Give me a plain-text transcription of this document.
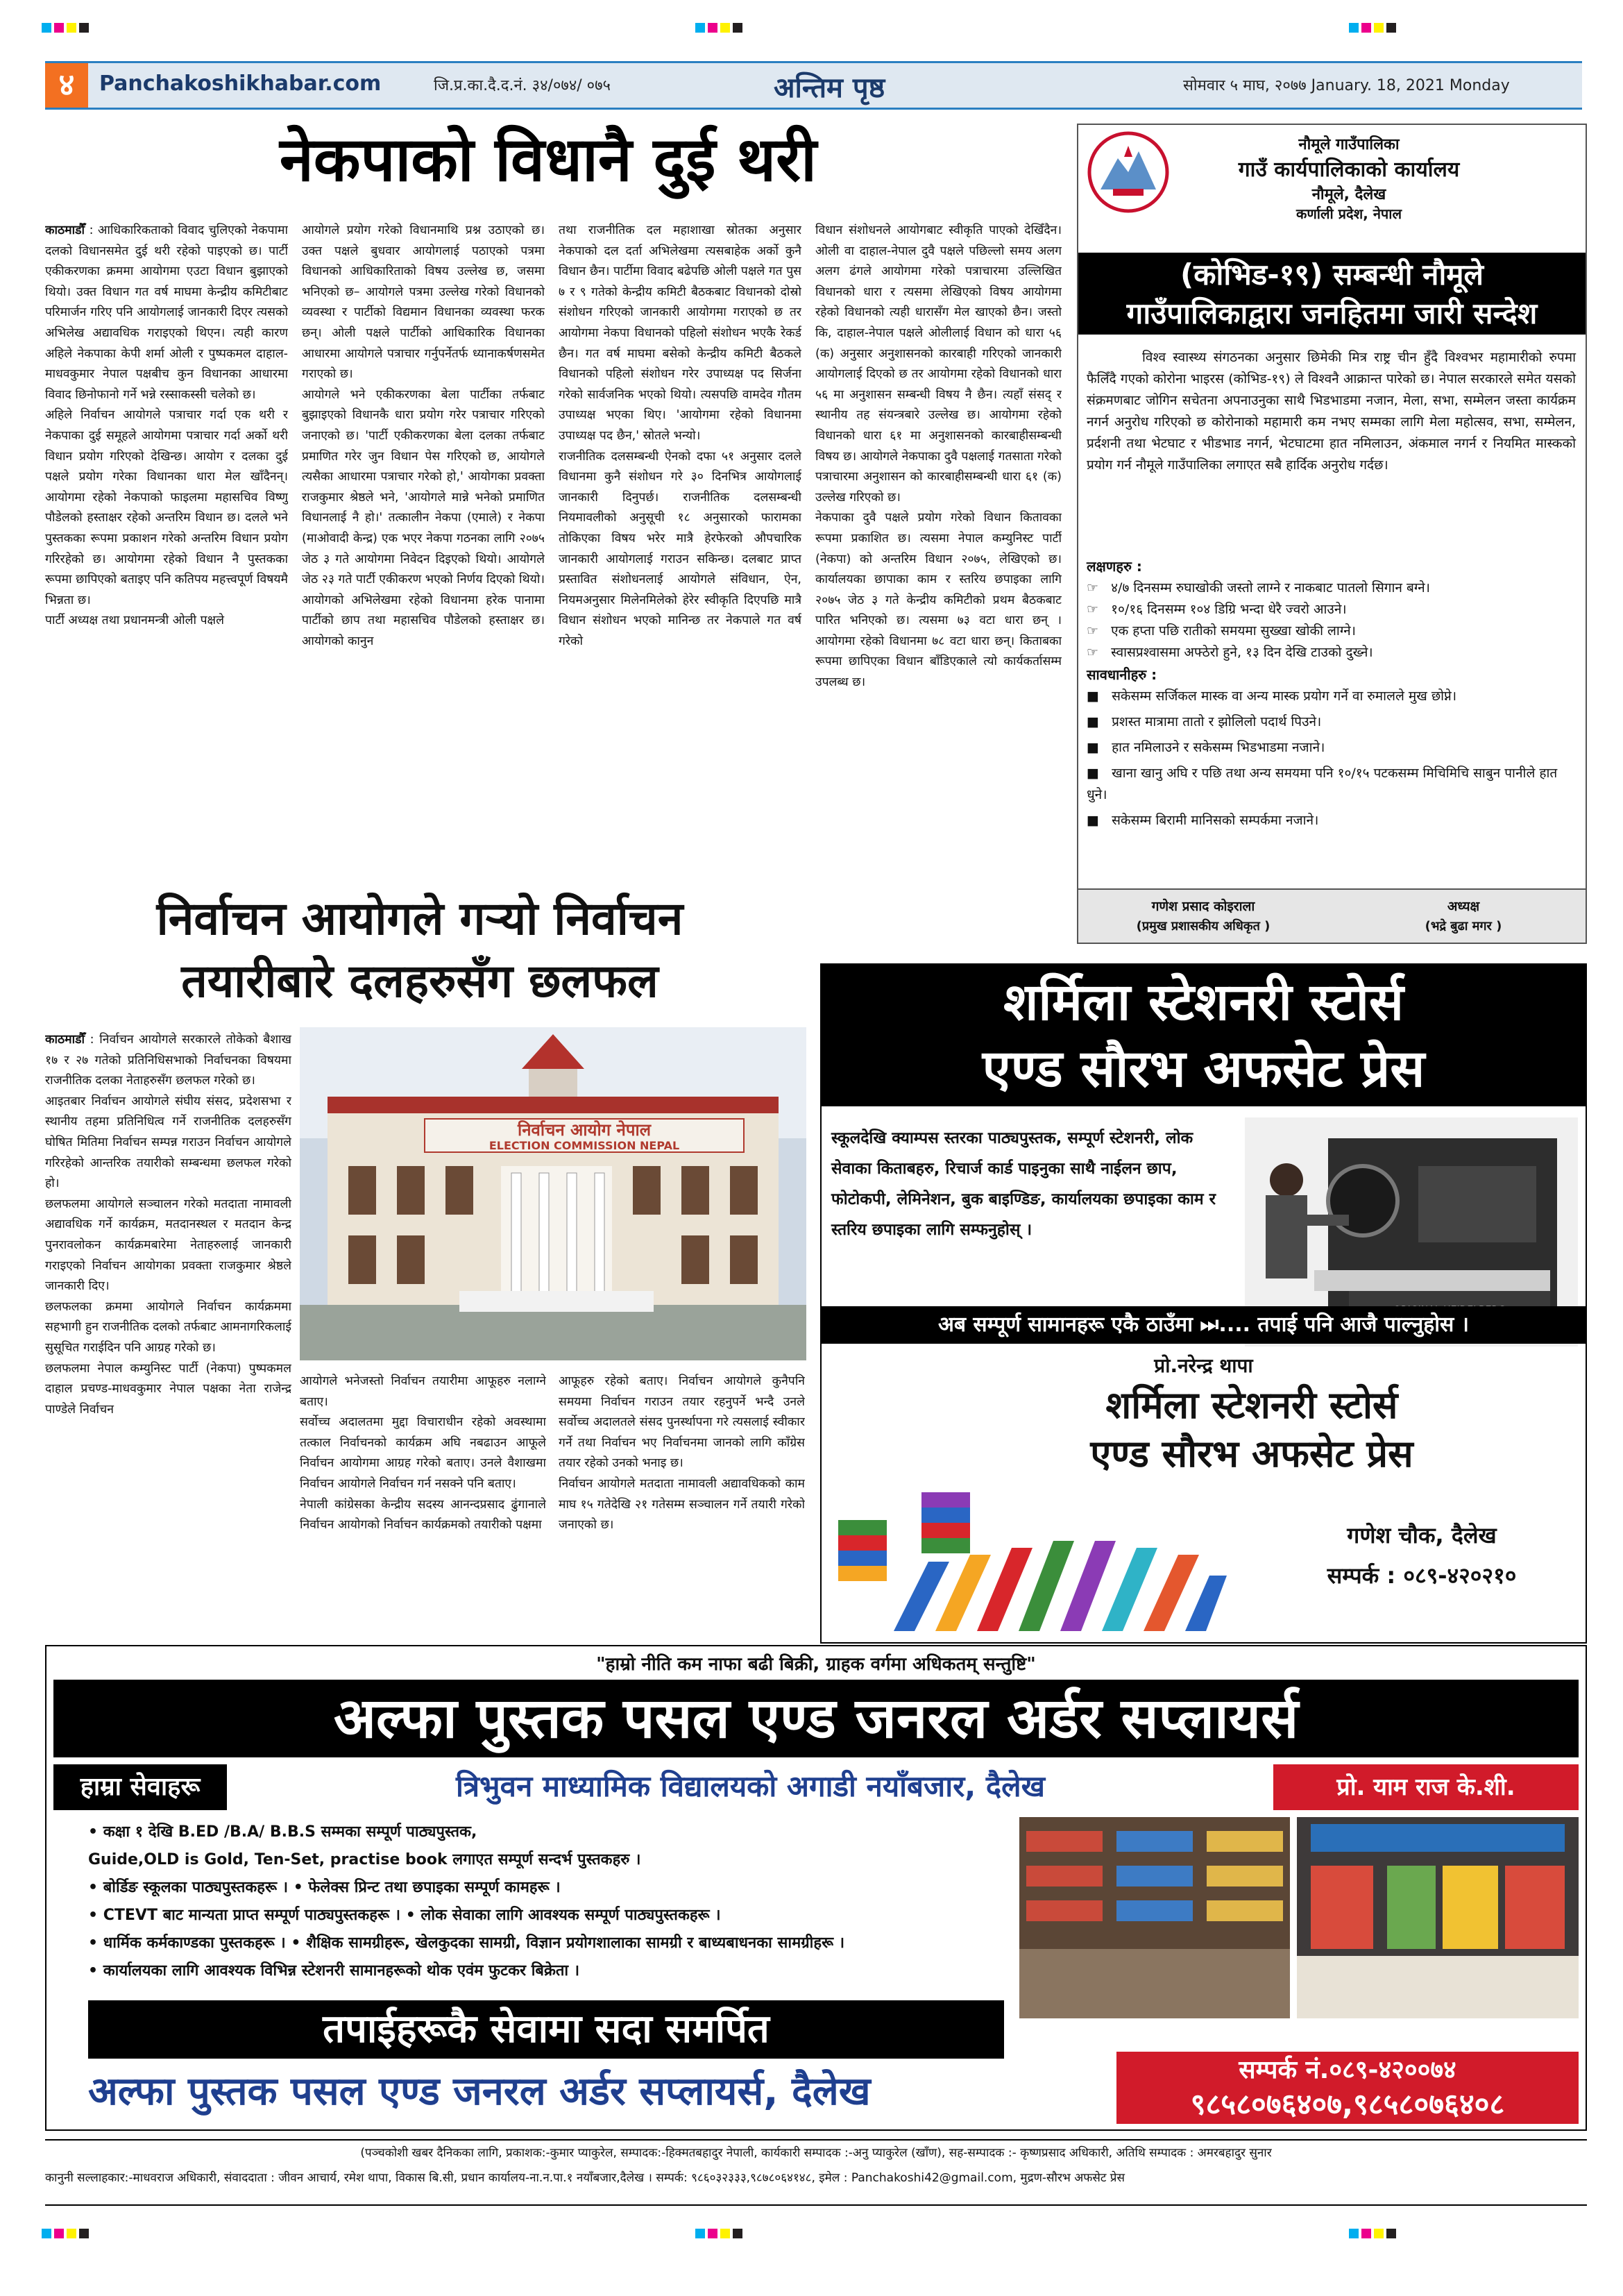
४	Panchakoshikhabar.com	जि.प्र.का.दै.द.नं. ३४/०७४/ ०७५	अन्तिम पृष्ठ	सोमवार ५ माघ, २०७७ January. 18, 2021 Monday
नेकपाको विधानै दुई थरी

काठमाडौँ : आधिकारिकताको विवाद चुलिएको नेकपामा दलको विधानसमेत दुई थरी रहेको पाइएको छ। पार्टी एकीकरणका क्रममा आयोगमा एउटा विधान बुझाएको थियो। उक्त विधान गत वर्ष माघमा केन्द्रीय कमिटीबाट परिमार्जन गरिए पनि आयोगलाई जानकारी दिएर त्यसको अभिलेख अद्यावधिक गराइएको थिएन। त्यही कारण अहिले नेकपाका केपी शर्मा ओली र पुष्पकमल दाहाल-माधवकुमार नेपाल पक्षबीच कुन विधानका आधारमा विवाद छिनोफानो गर्ने भन्ने रस्साकस्सी चलेको छ।
अहिले निर्वाचन आयोगले पत्राचार गर्दा एक थरी र नेकपाका दुई समूहले आयोगमा पत्राचार गर्दा अर्को थरी विधान प्रयोग गरिएको देखिन्छ। आयोग र दलका दुई पक्षले प्रयोग गरेका विधानका धारा मेल खाँदैनन्। आयोगमा रहेको नेकपाको फाइलमा महासचिव विष्णु पौडेलको हस्ताक्षर रहेको अन्तरिम विधान छ। दलले भने पुस्तकका रूपमा प्रकाशन गरेको अन्तरिम विधान प्रयोग गरिरहेको छ। आयोगमा रहेको विधान नै पुस्तकका रूपमा छापिएको बताइए पनि कतिपय महत्त्वपूर्ण विषयमै भिन्नता छ।
पार्टी अध्यक्ष तथा प्रधानमन्त्री ओली पक्षले

आयोगले प्रयोग गरेको विधानमाथि प्रश्न उठाएको छ। उक्त पक्षले बुधवार आयोगलाई पठाएको पत्रमा विधानको आधिकारिताको विषय उल्लेख छ, जसमा भनिएको छ– आयोगले पत्रमा उल्लेख गरेको विधानको व्यवस्था र पार्टीको विद्यमान विधानका व्यवस्था फरक छन्। ओली पक्षले पार्टीको आधिकारिक विधानका आधारमा आयोगले पत्राचार गर्नुपर्नेतर्फ ध्यानाकर्षणसमेत गराएको छ।
आयोगले भने एकीकरणका बेला पार्टीका तर्फबाट बुझाइएको विधानकै धारा प्रयोग गरेर पत्राचार गरिएको जनाएको छ। 'पार्टी एकीकरणका बेला दलका तर्फबाट प्रमाणित गरेर जुन विधान पेस गरिएको छ, आयोगले त्यसैका आधारमा पत्राचार गरेको हो,' आयोगका प्रवक्ता राजकुमार श्रेष्ठले भने, 'आयोगले मान्ने भनेको प्रमाणित विधानलाई नै हो।' तत्कालीन नेकपा (एमाले) र नेकपा (माओवादी केन्द्र) एक भएर नेकपा गठनका लागि २०७५ जेठ ३ गते आयोगमा निवेदन दिइएको थियो। आयोगले जेठ २३ गते पार्टी एकीकरण भएको निर्णय दिएको थियो। आयोगको अभिलेखमा रहेको विधानमा हरेक पानामा पार्टीको छाप तथा महासचिव पौडेलको हस्ताक्षर छ। आयोगको कानुन

तथा राजनीतिक दल महाशाखा स्रोतका अनुसार नेकपाको दल दर्ता अभिलेखमा त्यसबाहेक अर्को कुनै विधान छैन। पार्टीमा विवाद बढेपछि ओली पक्षले गत पुस ७ र ९ गतेको केन्द्रीय कमिटी बैठकबाट विधानको दोस्रो संशोधन गरिएको जानकारी आयोगमा गराएको छ तर आयोगमा नेकपा विधानको पहिलो संशोधन भएकै रेकर्ड छैन। गत वर्ष माघमा बसेको केन्द्रीय कमिटी बैठकले विधानको पहिलो संशोधन गरेर उपाध्यक्ष पद सिर्जना गरेको सार्वजनिक भएको थियो। त्यसपछि वामदेव गौतम उपाध्यक्ष भएका थिए। 'आयोगमा रहेको विधानमा उपाध्यक्ष पद छैन,' स्रोतले भन्यो।
राजनीतिक दलसम्बन्धी ऐनको दफा ५१ अनुसार दलले विधानमा कुनै संशोधन गरे ३० दिनभित्र आयोगलाई जानकारी दिनुपर्छ। राजनीतिक दलसम्बन्धी नियमावलीको अनुसूची १८ अनुसारको फारामका तोकिएका विषय भरेर मात्रै हेरफेरको औपचारिक जानकारी आयोगलाई गराउन सकिन्छ। दलबाट प्राप्त प्रस्तावित संशोधनलाई आयोगले संविधान, ऐन, नियमअनुसार मिलेनमिलेको हेरेर स्वीकृति दिएपछि मात्रै विधान संशोधन भएको मानिन्छ तर नेकपाले गत वर्ष गरेको

विधान संशोधनले आयोगबाट स्वीकृति पाएको देखिँदैन। ओली वा दाहाल-नेपाल दुवै पक्षले पछिल्लो समय अलग अलग ढंगले आयोगमा गरेको पत्राचारमा उल्लिखित विधानको धारा र त्यसमा लेखिएको विषय आयोगमा रहेको विधानको त्यही धारासँग मेल खाएको छैन। जस्तो कि, दाहाल-नेपाल पक्षले ओलीलाई विधान को धारा ५६ (क) अनुसार अनुशासनको कारबाही गरिएको जानकारी आयोगलाई दिएको छ तर आयोगमा रहेको विधानको धारा ५६ मा अनुशासन सम्बन्धी विषय नै छैन। त्यहाँ संसद् र स्थानीय तह संयन्त्रबारे उल्लेख छ। आयोगमा रहेको विधानको धारा ६१ मा अनुशासनको कारबाहीसम्बन्धी विषय छ। आयोगले नेकपाका दुवै पक्षलाई गतसाता गरेको पत्राचारमा अनुशासन को कारबाहीसम्बन्धी धारा ६१ (क) उल्लेख गरिएको छ।
नेकपाका दुवै पक्षले प्रयोग गरेको विधान कितावका रूपमा प्रकाशित छ। त्यसमा नेपाल कम्युनिस्ट पार्टी (नेकपा) को अन्तरिम विधान २०७५, लेखिएको छ। कार्यालयका छापाका काम र स्तरिय छपाइका लागि २०७५ जेठ ३ गते केन्द्रीय कमिटीको प्रथम बैठकबाट पारित भनिएको छ। त्यसमा ७३ वटा धारा छन् । आयोगमा रहेको विधानमा ७८ वटा धारा छन्। किताबका रूपमा छापिएका विधान बाँडिएकाले त्यो कार्यकर्तासम्म उपलब्ध छ।

नौमूले गाउँपालिका
गाउँ कार्यपालिकाको कार्यालय
नौमूले, दैलेख
कर्णाली प्रदेश, नेपाल
(कोभिड-१९) सम्बन्धी नौमूले
गाउँपालिकाद्वारा जनहितमा जारी सन्देश
विश्व स्वास्थ्य संगठनका अनुसार छिमेकी मित्र राष्ट्र चीन हुँदै विश्वभर महामारीको रुपमा फैलिँदै गएको कोरोना भाइरस (कोभिड-१९) ले विश्वनै आक्रान्त पारेको छ। नेपाल सरकारले समेत यसको संक्रमणबाट जोगिन सचेतना अपनाउनुका साथै भिडभाडमा नजान, मेला, सभा, सम्मेलन जस्ता कार्यक्रम नगर्न अनुरोध गरिएको छ कोरोनाको महामारी कम नभए सम्मका लागि मेला महोत्सव, सभा, सम्मेलन, प्रर्दशनी तथा भेटघाट र भीडभाड नगर्न, भेटघाटमा हात नमिलाउन, अंकमाल नगर्न र नियमित मास्कको प्रयोग गर्न नौमूले गाउँपालिका लगाएत सबै हार्दिक अनुरोध गर्दछ।
लक्षणहरु :
☞ ४/७ दिनसम्म रुघाखोकी जस्तो लाग्ने र नाकबाट पातलो सिगान बग्ने।
☞ १०/१६ दिनसम्म १०४ डिग्रि भन्दा धेरै ज्वरो आउने।
☞ एक हप्ता पछि रातीको समयमा सुख्खा खोकी लाग्ने।
☞ स्वासप्रश्वासमा अफ्ठेरो हुने, १३ दिन देखि टाउको दुख्ने।
सावधानीहरु :
■ सकेसम्म सर्जिकल मास्क वा अन्य मास्क प्रयोग गर्ने वा रुमालले मुख छोप्ने।
■ प्रशस्त मात्रामा तातो र झोलिलो पदार्थ पिउने।
■ हात नमिलाउने र सकेसम्म भिडभाडमा नजाने।
■ खाना खानु अघि र पछि तथा अन्य समयमा पनि १०/१५ पटकसम्म मिचिमिचि साबुन पानीले हात धुने।
■ सकेसम्म बिरामी मानिसको सम्पर्कमा नजाने।
गणेश प्रसाद कोइराला
(प्रमुख प्रशासकीय अधिकृत )
अध्यक्ष
(भद्रे बुढा मगर )
निर्वाचन आयोगले गऱ्यो निर्वाचन
तयारीबारे दलहरुसँग छलफल

काठमाडौँ : निर्वाचन आयोगले सरकारले तोकेको बैशाख १७ र २७ गतेको प्रतिनिधिसभाको निर्वाचनका विषयमा राजनीतिक दलका नेताहरुसँग छलफल गरेको छ।
आइतबार निर्वाचन आयोगले संघीय संसद, प्रदेशसभा र स्थानीय तहमा प्रतिनिधित्व गर्ने राजनीतिक दलहरुसँग घोषित मितिमा निर्वाचन सम्पन्न गराउन निर्वाचन आयोगले गरिरहेको आन्तरिक तयारीको सम्बन्धमा छलफल गरेको हो।
छलफलमा आयोगले सञ्चालन गरेको मतदाता नामावली अद्यावधिक गर्ने कार्यक्रम, मतदानस्थल र मतदान केन्द्र पुनरावलोकन कार्यक्रमबारेमा नेताहरुलाई जानकारी गराइएको निर्वाचन आयोगका प्रवक्ता राजकुमार श्रेष्ठले जानकारी दिए।
छलफलका क्रममा आयोगले निर्वाचन कार्यक्रममा सहभागी हुन राजनीतिक दलको तर्फबाट आमनागरिकलाई सुसूचित गराईदिन पनि आग्रह गरेको छ।
छलफलमा नेपाल कम्युनिस्ट पार्टी (नेकपा) पुष्पकमल दाहाल प्रचण्ड-माधवकुमार नेपाल पक्षका नेता राजेन्द्र पाण्डेले निर्वाचन

निर्वाचन आयोग नेपाल
ELECTION COMMISSION NEPAL

आयोगले भनेजस्तो निर्वाचन तयारीमा आफूहरु नलाग्ने बताए।
सर्वोच्च अदालतमा मुद्दा विचाराधीन रहेको अवस्थामा तत्काल निर्वाचनको कार्यक्रम अघि नबढाउन आफूले निर्वाचन आयोगमा आग्रह गरेको बताए। उनले वैशाखमा निर्वाचन आयोगले निर्वाचन गर्न नसक्ने पनि बताए।
नेपाली कांग्रेसका केन्द्रीय सदस्य आनन्दप्रसाद ढुंगानाले निर्वाचन आयोगको निर्वाचन कार्यक्रमको तयारीको पक्षमा

आफूहरु रहेको बताए। निर्वाचन आयोगले कुनैपनि समयमा निर्वाचन गराउन तयार रहनुपर्ने भन्दै उनले सर्वोच्च अदालतले संसद पुनर्स्थापना गरे त्यसलाई स्वीकार गर्ने तथा निर्वाचन भए निर्वाचनमा जानको लागि काँग्रेस तयार रहेको उनको भनाइ छ।
निर्वाचन आयोगले मतदाता नामावली अद्यावधिकको काम माघ १५ गतेदेखि २१ गतेसम्म सञ्चालन गर्ने तयारी गरेको जनाएको छ।

शर्मिला स्टेशनरी स्टोर्स
एण्ड सौरभ अफसेट प्रेस
स्कूलदेखि क्याम्पस स्तरका पाठ्यपुस्तक, सम्पूर्ण स्टेशनरी, लोक सेवाका किताबहरु, रिचार्ज कार्ड पाइनुका साथै नाईलन छाप, फोटोकपी, लेमिनेशन, बुक बाइण्डिङ, कार्यालयका छपाइका काम र स्तरिय छपाइका लागि सम्फनुहोस् ।
अब सम्पूर्ण सामानहरू एकै ठाउँमा ⏭.... तपाई पनि आजै पाल्नुहोस ।
प्रो.नरेन्द्र थापा
शर्मिला स्टेशनरी स्टोर्स
एण्ड सौरभ अफसेट प्रेस
गणेश चौक, दैलेख
सम्पर्क : ०८९-४२०२१०
"हाम्रो नीति कम नाफा बढी बिक्री, ग्राहक वर्गमा अधिकतम् सन्तुष्टि"
अल्फा पुस्तक पसल एण्ड जनरल अर्डर सप्लायर्स
हाम्रा सेवाहरू	त्रिभुवन माध्यामिक विद्यालयको अगाडी नयाँबजार, दैलेख	प्रो. याम राज के.शी.
• कक्षा १ देखि B.ED /B.A/ B.B.S सम्मका सम्पूर्ण पाठ्यपुस्तक,
Guide,OLD is Gold, Ten-Set, practise book लगाएत सम्पूर्ण सन्दर्भ पुस्तकहरु ।
• बोर्डिङ स्कूलका पाठ्यपुस्तकहरू । • फेलेक्स प्रिन्ट तथा छपाइका सम्पूर्ण कामहरू ।
• CTEVT बाट मान्यता प्राप्त सम्पूर्ण पाठ्यपुस्तकहरू । • लोक सेवाका लागि आवश्यक सम्पूर्ण पाठ्यपुस्तकहरू ।
• धार्मिक कर्मकाण्डका पुस्तकहरू । • शैक्षिक सामग्रीहरू, खेलकुदका सामग्री, विज्ञान प्रयोगशालाका सामग्री र बाध्यबाधनका सामग्रीहरू ।
• कार्यालयका लागि आवश्यक विभिन्न स्टेशनरी सामानहरूको थोक एवंम फुटकर बिक्रेता ।
तपाईहरूकै सेवामा सदा समर्पित
सम्पर्क नं.०८९-४२००७४
९८५८०७६४०७,९८५८०७६४०८
अल्फा पुस्तक पसल एण्ड जनरल अर्डर सप्लायर्स, दैलेख
(पञ्चकोशी खबर दैनिकका लागि, प्रकाशक:-कुमार प्याकुरेल, सम्पादक:-हिक्मतबहादुर नेपाली, कार्यकारी सम्पादक :-अनु प्याकुरेल (खाँण), सह-सम्पादक :- कृष्णप्रसाद अधिकारी, अतिथि सम्पादक : अमरबहादुर सुनार
कानुनी सल्लाहकार:-माधवराज अधिकारी, संवाददाता : जीवन आचार्य, रमेश थापा, विकास बि.सी, प्रधान कार्यालय-ना.न.पा.१ नयाँबजार,दैलेख । सम्पर्क: ९८६०३२३३३,९८७८०६४१४८, इमेल : Panchakoshi42@gmail.com, मुद्रण-सौरभ अफसेट प्रेस
